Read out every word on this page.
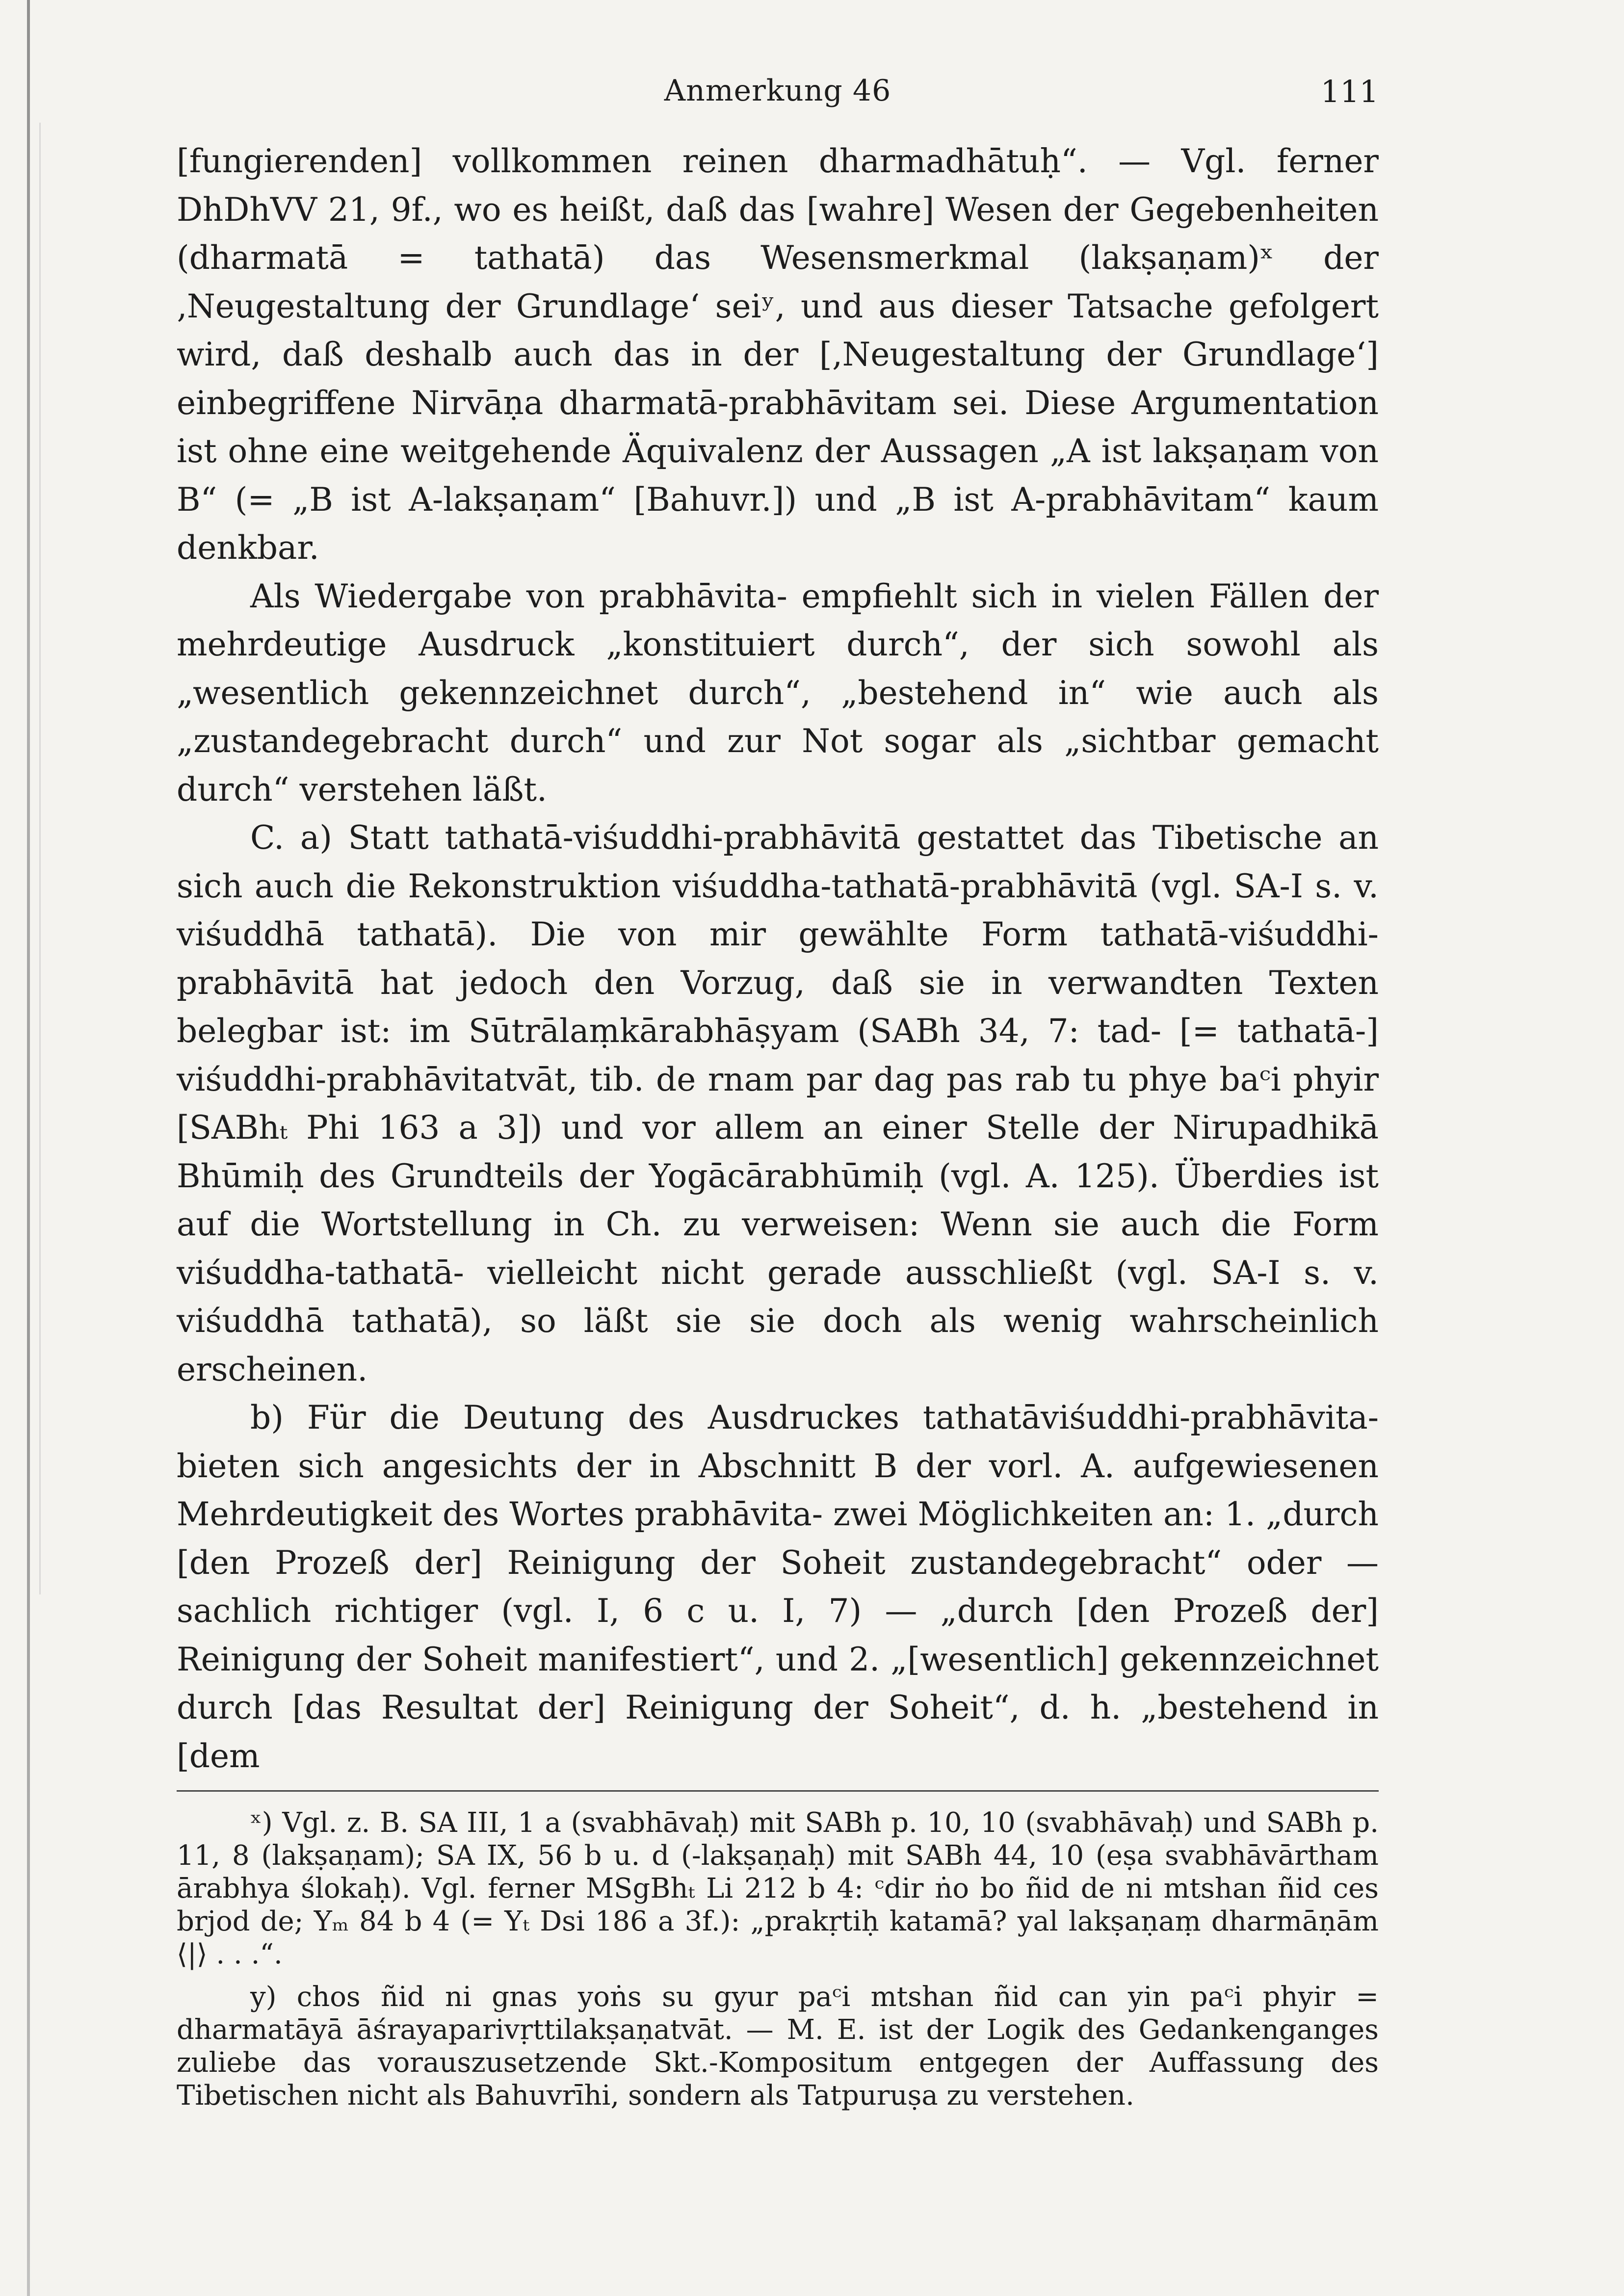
Anmerkung 46	111

[fungierenden] vollkommen reinen dharmadhātuḥ“. — Vgl. ferner DhDhVV 21, 9f., wo es heißt, daß das [wahre] Wesen der Gegebenheiten (dharmatā = tathatā) das Wesensmerkmal (lakṣaṇam)ˣ der ‚Neugestaltung der Grundlage‘ seiʸ, und aus dieser Tatsache gefolgert wird, daß deshalb auch das in der [‚Neugestaltung der Grundlage‘] einbegriffene Nirvāṇa dharmatā-prabhāvitam sei. Diese Argumentation ist ohne eine weitgehende Äquivalenz der Aussagen „A ist lakṣaṇam von B“ (= „B ist A-lakṣaṇam“ [Bahuvr.]) und „B ist A-prabhāvitam“ kaum denkbar.

Als Wiedergabe von prabhāvita- empfiehlt sich in vielen Fällen der mehrdeutige Ausdruck „konstituiert durch“, der sich sowohl als „wesentlich gekennzeichnet durch“, „bestehend in“ wie auch als „zustandegebracht durch“ und zur Not sogar als „sichtbar gemacht durch“ verstehen läßt.

C. a) Statt tathatā-viśuddhi-prabhāvitā gestattet das Tibetische an sich auch die Rekonstruktion viśuddha-tathatā-prabhāvitā (vgl. SA-I s. v. viśuddhā tathatā). Die von mir gewählte Form tathatā-viśuddhi-prabhāvitā hat jedoch den Vorzug, daß sie in verwandten Texten belegbar ist: im Sūtrālaṃkārabhāṣyam (SABh 34, 7: tad- [= tathatā-] viśuddhi-prabhāvitatvāt, tib. de rnam par dag pas rab tu phye baᶜi phyir [SABhₜ Phi 163 a 3]) und vor allem an einer Stelle der Nirupadhikā Bhūmiḥ des Grundteils der Yogācārabhūmiḥ (vgl. A. 125). Überdies ist auf die Wortstellung in Ch. zu verweisen: Wenn sie auch die Form viśuddha-tathatā- vielleicht nicht gerade ausschließt (vgl. SA-I s. v. viśuddhā tathatā), so läßt sie sie doch als wenig wahrscheinlich erscheinen.

b) Für die Deutung des Ausdruckes tathatāviśuddhi-prabhāvita- bieten sich angesichts der in Abschnitt B der vorl. A. aufgewiesenen Mehrdeutigkeit des Wortes prabhāvita- zwei Möglichkeiten an: 1. „durch [den Prozeß der] Reinigung der Soheit zustandegebracht“ oder — sachlich richtiger (vgl. I, 6 c u. I, 7) — „durch [den Prozeß der] Reinigung der Soheit manifestiert“, und 2. „[wesentlich] gekennzeichnet durch [das Resultat der] Reinigung der Soheit“, d. h. „bestehend in [dem

ˣ) Vgl. z. B. SA III, 1 a (svabhāvaḥ) mit SABh p. 10, 10 (svabhāvaḥ) und SABh p. 11, 8 (lakṣaṇam); SA IX, 56 b u. d (-lakṣaṇaḥ) mit SABh 44, 10 (eṣa svabhāvārtham ārabhya ślokaḥ). Vgl. ferner MSgBhₜ Li 212 b 4: ᶜdir ṅo bo ñid de ni mtshan ñid ces brjod de; Yₘ 84 b 4 (= Yₜ Dsi 186 a 3f.): „prakṛtiḥ katamā? yal lakṣaṇaṃ dharmāṇām ⟨|⟩ . . .“.

y) chos ñid ni gnas yoṅs su gyur paᶜi mtshan ñid can yin paᶜi phyir = dharmatāyā āśrayaparivṛttilakṣaṇatvāt. — M. E. ist der Logik des Gedankenganges zuliebe das vorauszusetzende Skt.-Kompositum entgegen der Auffassung des Tibetischen nicht als Bahuvrīhi, sondern als Tatpuruṣa zu verstehen.
